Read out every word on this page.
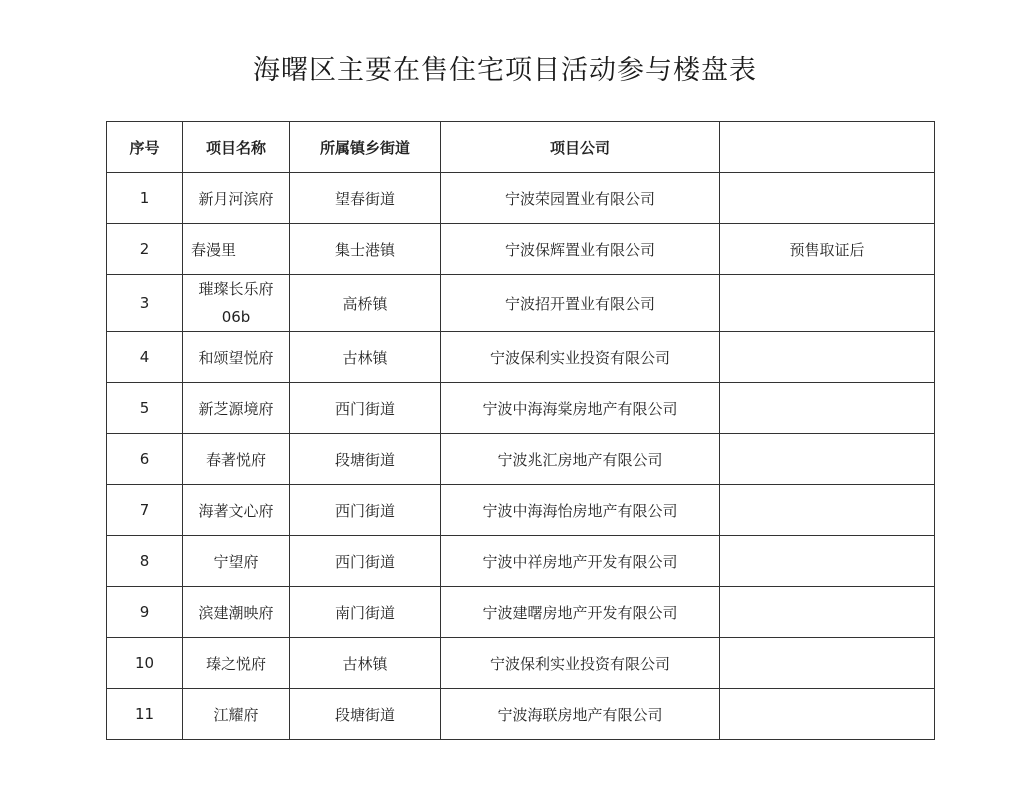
海曙区主要在售住宅项目活动参与楼盘表
序号	项目名称	所属镇乡街道	项目公司	
1	新月河滨府	望春街道	宁波荣园置业有限公司	
2	春漫里	集士港镇	宁波保辉置业有限公司	预售取证后
3	璀璨长乐府06b	高桥镇	宁波招开置业有限公司	
4	和颂望悦府	古林镇	宁波保利实业投资有限公司	
5	新芝源境府	西门街道	宁波中海海棠房地产有限公司	
6	春著悦府	段塘街道	宁波兆汇房地产有限公司	
7	海著文心府	西门街道	宁波中海海怡房地产有限公司	
8	宁望府	西门街道	宁波中祥房地产开发有限公司	
9	滨建潮映府	南门街道	宁波建曙房地产开发有限公司	
10	瑧之悦府	古林镇	宁波保利实业投资有限公司	
11	江耀府	段塘街道	宁波海联房地产有限公司	
